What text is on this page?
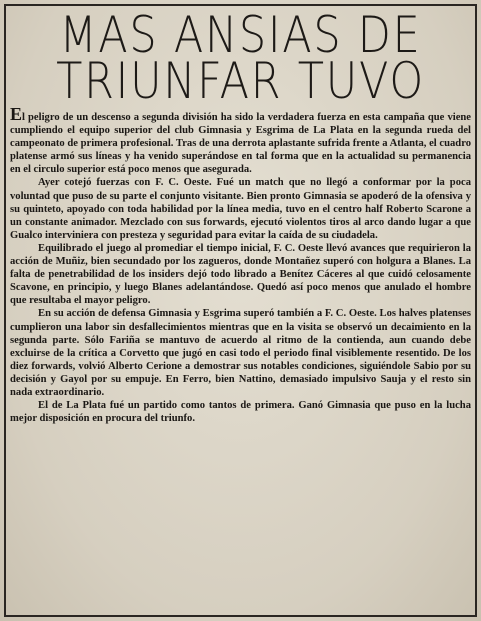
MAS ANSIAS DE
TRIUNFAR TUVO

El peligro de un descenso a segunda división ha sido la verdadera fuerza en esta campaña que viene cumpliendo el equipo superior del club Gimnasia y Esgrima de La Plata en la segunda rueda del campeonato de primera profesional. Tras de una derrota aplastante sufrida frente a Atlanta, el cuadro platense armó sus líneas y ha venido superándose en tal forma que en la actualidad su permanencia en el circulo superior está poco menos que asegurada.

Ayer cotejó fuerzas con F. C. Oeste. Fué un match que no llegó a conformar por la poca voluntad que puso de su parte el conjunto visitante. Bien pronto Gimnasia se apoderó de la ofensiva y su quinteto, apoyado con toda habilidad por la línea media, tuvo en el centro half Roberto Scarone a un constante animador. Mezclado con sus forwards, ejecutó violentos tiros al arco dando lugar a que Gualco interviniera con presteza y seguridad para evitar la caída de su ciudadela.

Equilibrado el juego al promediar el tiempo inicial, F. C. Oeste llevó avances que requirieron la acción de Muñiz, bien secundado por los zagueros, donde Montañez superó con holgura a Blanes. La falta de penetrabilidad de los insiders dejó todo librado a Benítez Cáceres al que cuidó celosamente Scavone, en principio, y luego Blanes adelantándose. Quedó así poco menos que anulado el hombre que resultaba el mayor peligro.

En su acción de defensa Gimnasia y Esgrima superó también a F. C. Oeste. Los halves platenses cumplieron una labor sin desfallecimientos mientras que en la visita se observó un decaimiento en la segunda parte. Sólo Fariña se mantuvo de acuerdo al ritmo de la contienda, aun cuando debe excluirse de la crítica a Corvetto que jugó en casi todo el periodo final visiblemente resentido. De los diez forwards, volvió Alberto Cerione a demostrar sus notables condiciones, siguiéndole Sabio por su decisión y Gayol por su empuje. En Ferro, bien Nattino, demasiado impulsivo Sauja y el resto sin nada extraordinario.

El de La Plata fué un partido como tantos de primera. Ganó Gimnasia que puso en la lucha mejor disposición en procura del triunfo.
